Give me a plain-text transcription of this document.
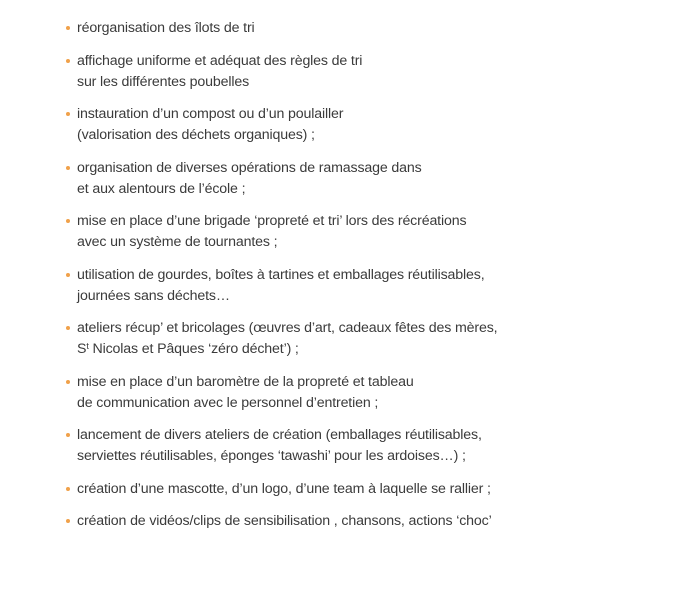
réorganisation des îlots de tri
affichage uniforme et adéquat des règles de tri
sur les différentes poubelles
instauration d’un compost ou d’un poulailler
(valorisation des déchets organiques) ;
organisation de diverses opérations de ramassage dans
et aux alentours de l’école ;
mise en place d’une brigade ‘propreté et tri’ lors des récréations
avec un système de tournantes ;
utilisation de gourdes, boîtes à tartines et emballages réutilisables,
journées sans déchets…
ateliers récup’ et bricolages (œuvres d’art, cadeaux fêtes des mères,
$S^t$ Nicolas et Pâques ‘zéro déchet’) ;
mise en place d’un baromètre de la propreté et tableau
de communication avec le personnel d’entretien ;
lancement de divers ateliers de création (emballages réutilisables,
serviettes réutilisables, éponges ‘tawashi’ pour les ardoises…) ;
création d’une mascotte, d’un logo, d’une team à laquelle se rallier ;
création de vidéos/clips de sensibilisation , chansons, actions ‘choc’
